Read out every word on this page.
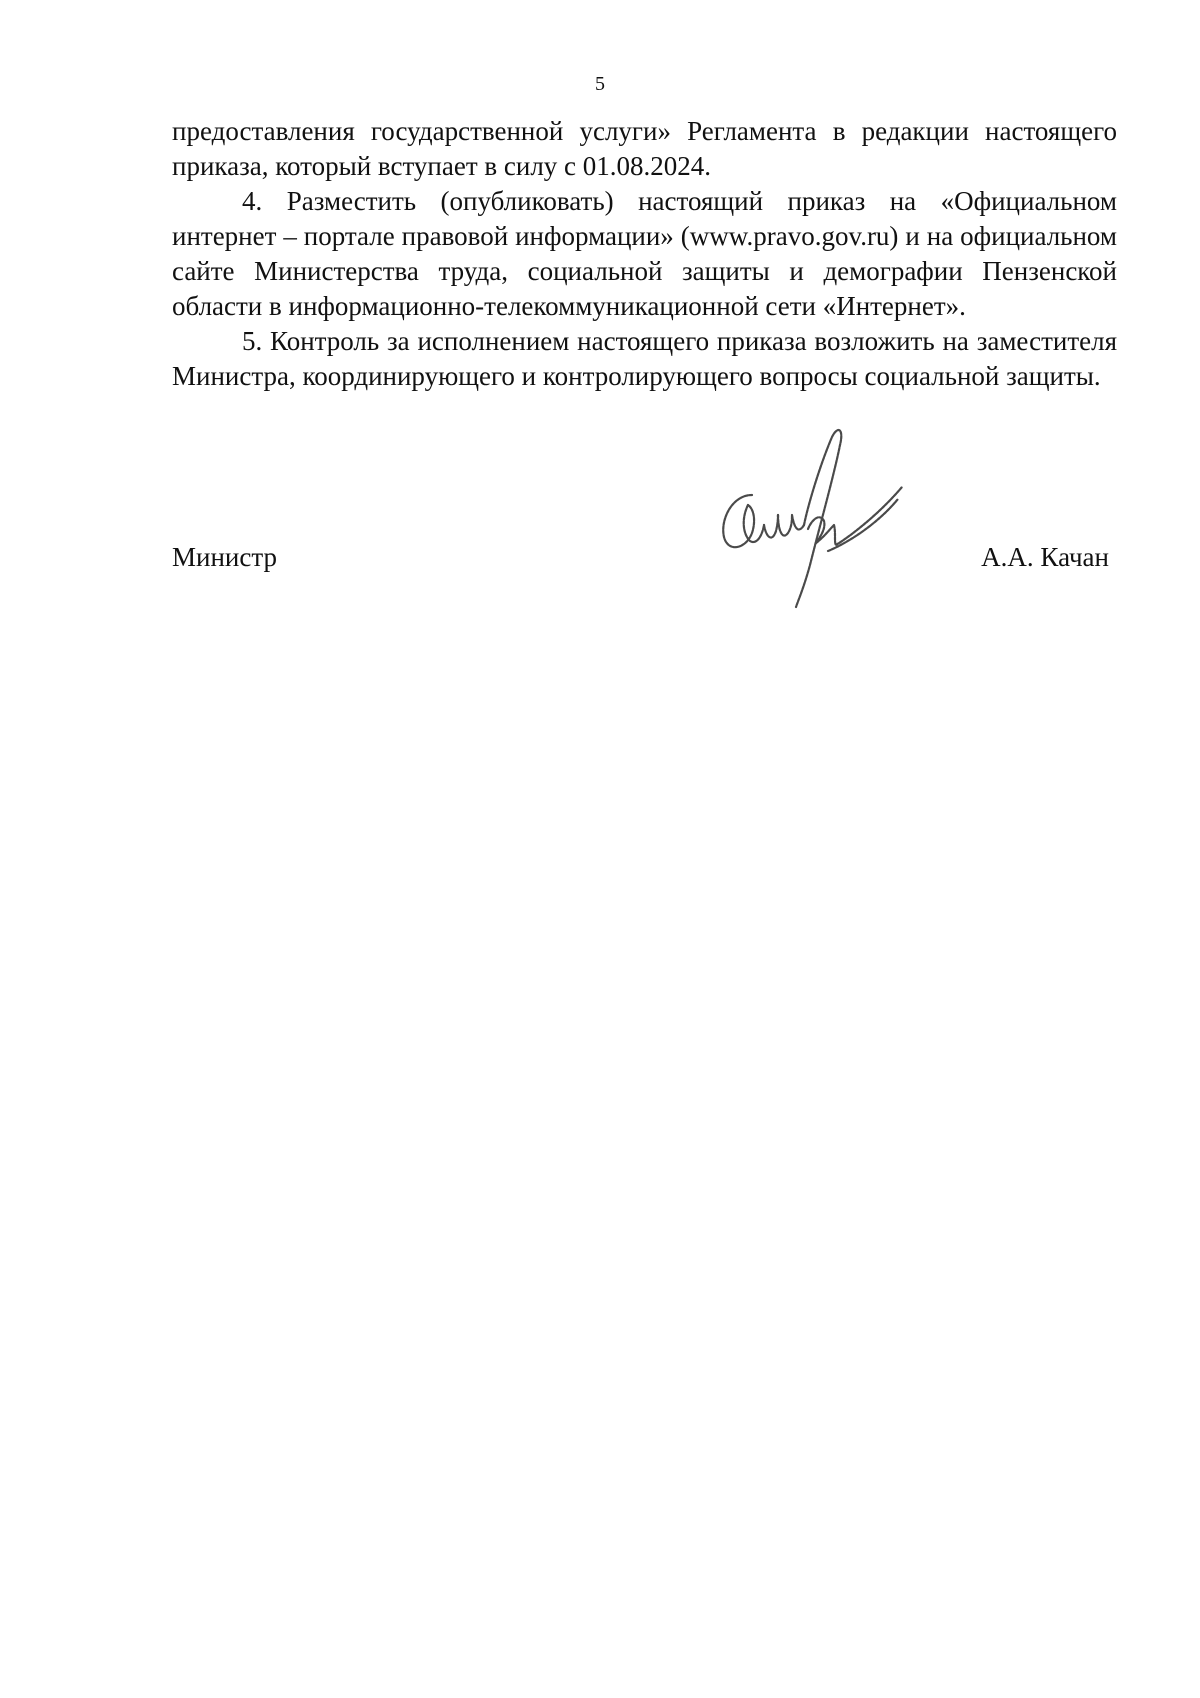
5

предоставления государственной услуги» Регламента в редакции настоящего приказа, который вступает в силу с 01.08.2024.

4. Разместить (опубликовать) настоящий приказ на «Официальном интернет – портале правовой информации» (www.pravo.gov.ru) и на официальном сайте Министерства труда, социальной защиты и демографии Пензенской области в информационно-телекоммуникационной сети «Интернет».

5. Контроль за исполнением настоящего приказа возложить на заместителя Министра, координирующего и контролирующего вопросы социальной защиты.

Министр	А.А. Качан
